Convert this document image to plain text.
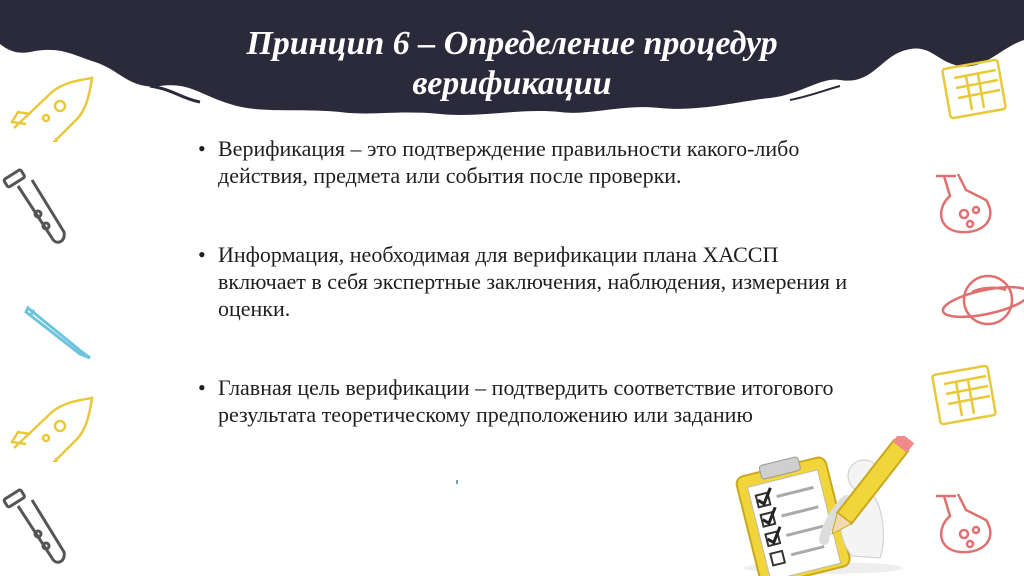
Принцип 6 – Определение процедур
верификации
• Верификация – это подтверждение правильности какого-либо действия, предмета или события после проверки.
• Информация, необходимая для верификации плана ХАССП включает в себя экспертные заключения, наблюдения, измерения и оценки.
• Главная цель верификации – подтвердить соответствие итогового результата теоретическому предположению или заданию
